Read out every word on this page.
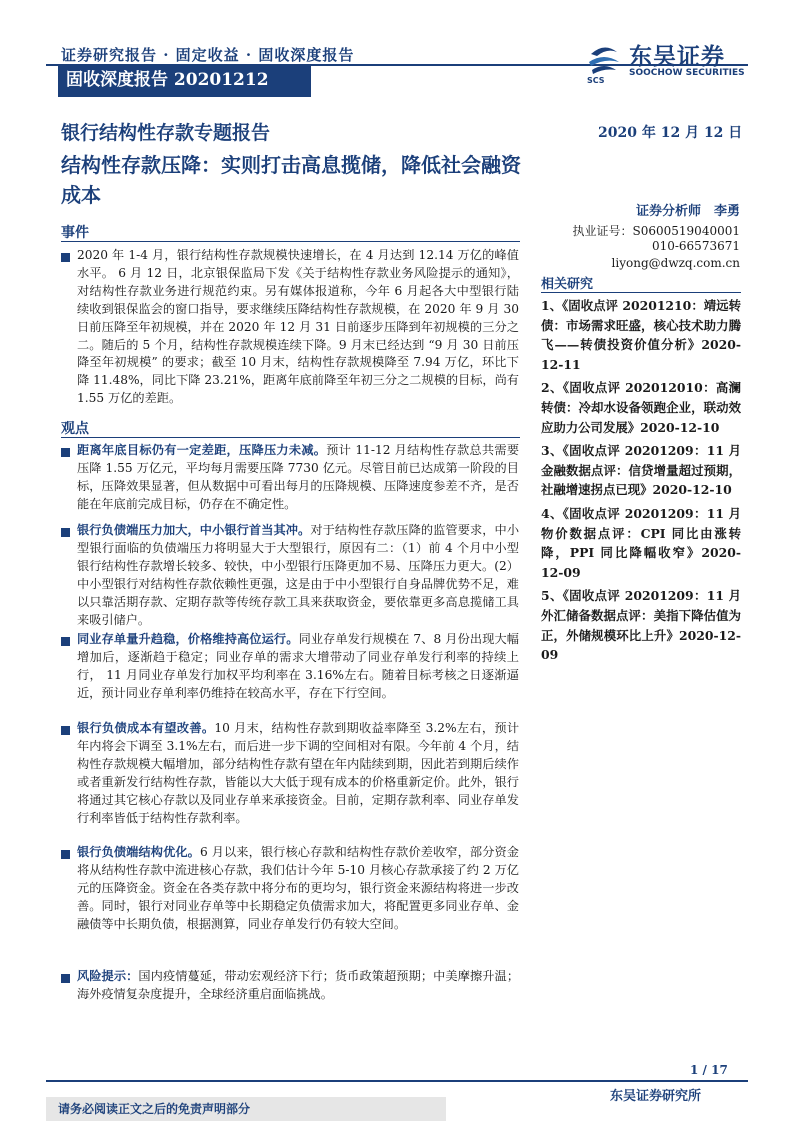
证券研究报告 · 固定收益 · 固收深度报告
固收深度报告 20201212	SCS
东吴证券
SOOCHOW SECURITIES
银行结构性存款专题报告
结构性存款压降：实则打击高息揽储，降低社会融资成本
2020 年 12 月 12 日
事件
2020 年 1-4 月，银行结构性存款规模快速增长，在 4 月达到 12.14 万亿的峰值水平。 6 月 12 日，北京银保监局下发《关于结构性存款业务风险提示的通知》，对结构性存款业务进行规范约束。另有媒体报道称，今年 6 月起各大中型银行陆续收到银保监会的窗口指导，要求继续压降结构性存款规模，在 2020 年 9 月 30 日前压降至年初规模，并在 2020 年 12 月 31 日前逐步压降到年初规模的三分之二。随后的 5 个月，结构性存款规模连续下降。9 月末已经达到 “9 月 30 日前压降至年初规模” 的要求；截至 10 月末，结构性存款规模降至 7.94 万亿，环比下降 11.48%，同比下降 23.21%，距离年底前降至年初三分之二规模的目标，尚有 1.55 万亿的差距。
观点
距离年底目标仍有一定差距，压降压力未减。预计 11-12 月结构性存款总共需要压降 1.55 万亿元，平均每月需要压降 7730 亿元。尽管目前已达成第一阶段的目标，压降效果显著，但从数据中可看出每月的压降规模、压降速度参差不齐，是否能在年底前完成目标，仍存在不确定性。
银行负债端压力加大，中小银行首当其冲。对于结构性存款压降的监管要求，中小型银行面临的负债端压力将明显大于大型银行，原因有二：（1）前 4 个月中小型银行结构性存款增长较多、较快，中小型银行压降更加不易、压降压力更大。(2）中小型银行对结构性存款依赖性更强，这是由于中小型银行自身品牌优势不足，难以只靠活期存款、定期存款等传统存款工具来获取资金，要依靠更多高息揽储工具来吸引储户。
同业存单量升趋稳，价格维持高位运行。同业存单发行规模在 7、8 月份出现大幅增加后，逐渐趋于稳定；同业存单的需求大增带动了同业存单发行利率的持续上行， 11 月同业存单发行加权平均利率在 3.16%左右。随着目标考核之日逐渐逼近，预计同业存单利率仍维持在较高水平，存在下行空间。
银行负债成本有望改善。10 月末，结构性存款到期收益率降至 3.2%左右，预计年内将会下调至 3.1%左右，而后进一步下调的空间相对有限。今年前 4 个月，结构性存款规模大幅增加，部分结构性存款有望在年内陆续到期，因此若到期后续作或者重新发行结构性存款，皆能以大大低于现有成本的价格重新定价。此外，银行将通过其它核心存款以及同业存单来承接资金。目前，定期存款利率、同业存单发行利率皆低于结构性存款利率。
银行负债端结构优化。6 月以来，银行核心存款和结构性存款价差收窄，部分资金将从结构性存款中流进核心存款，我们估计今年 5-10 月核心存款承接了约 2 万亿元的压降资金。资金在各类存款中将分布的更均匀，银行资金来源结构将进一步改善。同时，银行对同业存单等中长期稳定负债需求加大，将配置更多同业存单、金融债等中长期负债，根据测算，同业存单发行仍有较大空间。
风险提示：国内疫情蔓延，带动宏观经济下行；货币政策超预期；中美摩擦升温；海外疫情复杂度提升，全球经济重启面临挑战。
证券分析师　李勇
执业证号：S0600519040001
010-66573671
liyong@dwzq.com.cn
相关研究
1、《固收点评 20201210：靖远转债：市场需求旺盛，核心技术助力腾飞——转债投资价值分析》2020-12-11
2、《固收点评 202012010：高澜转债：冷却水设备领跑企业，联动效应助力公司发展》2020-12-10
3、《固收点评 20201209：11 月金融数据点评：信贷增量超过预期，社融增速拐点已现》2020-12-10
4、《固收点评 20201209：11 月物价数据点评：CPI 同比由涨转降，PPI 同比降幅收窄》2020-12-09
5、《固收点评 20201209：11 月外汇储备数据点评：美指下降估值为正，外储规模环比上升》2020-12-09
1 / 17
请务必阅读正文之后的免责声明部分
东吴证券研究所
